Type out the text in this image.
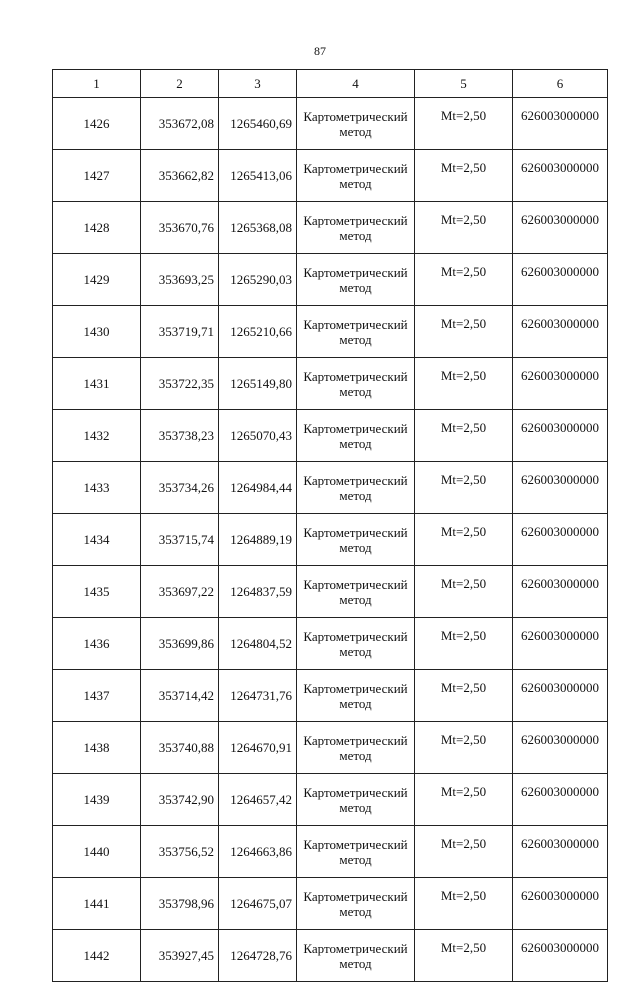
87
1	2	3	4	5	6
1426	353672,08	1265460,69	Картометрический метод	Mt=2,50	626003000000
1427	353662,82	1265413,06	Картометрический метод	Mt=2,50	626003000000
1428	353670,76	1265368,08	Картометрический метод	Mt=2,50	626003000000
1429	353693,25	1265290,03	Картометрический метод	Mt=2,50	626003000000
1430	353719,71	1265210,66	Картометрический метод	Mt=2,50	626003000000
1431	353722,35	1265149,80	Картометрический метод	Mt=2,50	626003000000
1432	353738,23	1265070,43	Картометрический метод	Mt=2,50	626003000000
1433	353734,26	1264984,44	Картометрический метод	Mt=2,50	626003000000
1434	353715,74	1264889,19	Картометрический метод	Mt=2,50	626003000000
1435	353697,22	1264837,59	Картометрический метод	Mt=2,50	626003000000
1436	353699,86	1264804,52	Картометрический метод	Mt=2,50	626003000000
1437	353714,42	1264731,76	Картометрический метод	Mt=2,50	626003000000
1438	353740,88	1264670,91	Картометрический метод	Mt=2,50	626003000000
1439	353742,90	1264657,42	Картометрический метод	Mt=2,50	626003000000
1440	353756,52	1264663,86	Картометрический метод	Mt=2,50	626003000000
1441	353798,96	1264675,07	Картометрический метод	Mt=2,50	626003000000
1442	353927,45	1264728,76	Картометрический метод	Mt=2,50	626003000000
